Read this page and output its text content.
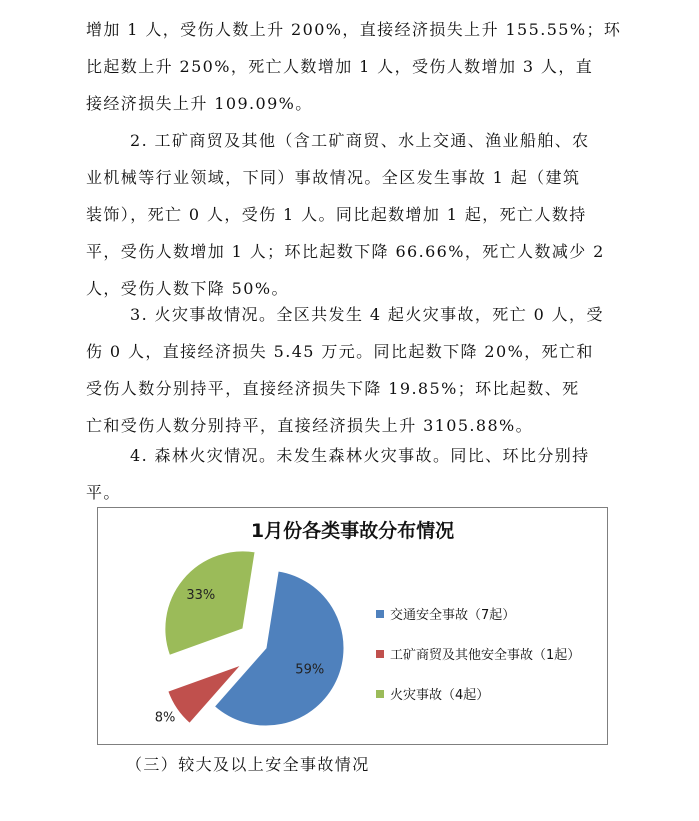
增加 1 人，受伤人数上升 200%，直接经济损失上升 155.55%；环
比起数上升 250%，死亡人数增加 1 人，受伤人数增加 3 人，直
接经济损失上升 109.09%。
2. 工矿商贸及其他（含工矿商贸、水上交通、渔业船舶、农
业机械等行业领域，下同）事故情况。全区发生事故 1 起（建筑
装饰），死亡 0 人，受伤 1 人。同比起数增加 1 起，死亡人数持
平，受伤人数增加 1 人；环比起数下降 66.66%，死亡人数减少 2
人，受伤人数下降 50%。
3. 火灾事故情况。全区共发生 4 起火灾事故，死亡 0 人，受
伤 0 人，直接经济损失 5.45 万元。同比起数下降 20%，死亡和
受伤人数分别持平，直接经济损失下降 19.85%；环比起数、死
亡和受伤人数分别持平，直接经济损失上升 3105.88%。
4. 森林火灾情况。未发生森林火灾事故。同比、环比分别持
平。
1月份各类事故分布情况
59%
8%
33%
交通安全事故（7起）
工矿商贸及其他安全事故（1起）
火灾事故（4起）
（三）较大及以上安全事故情况
